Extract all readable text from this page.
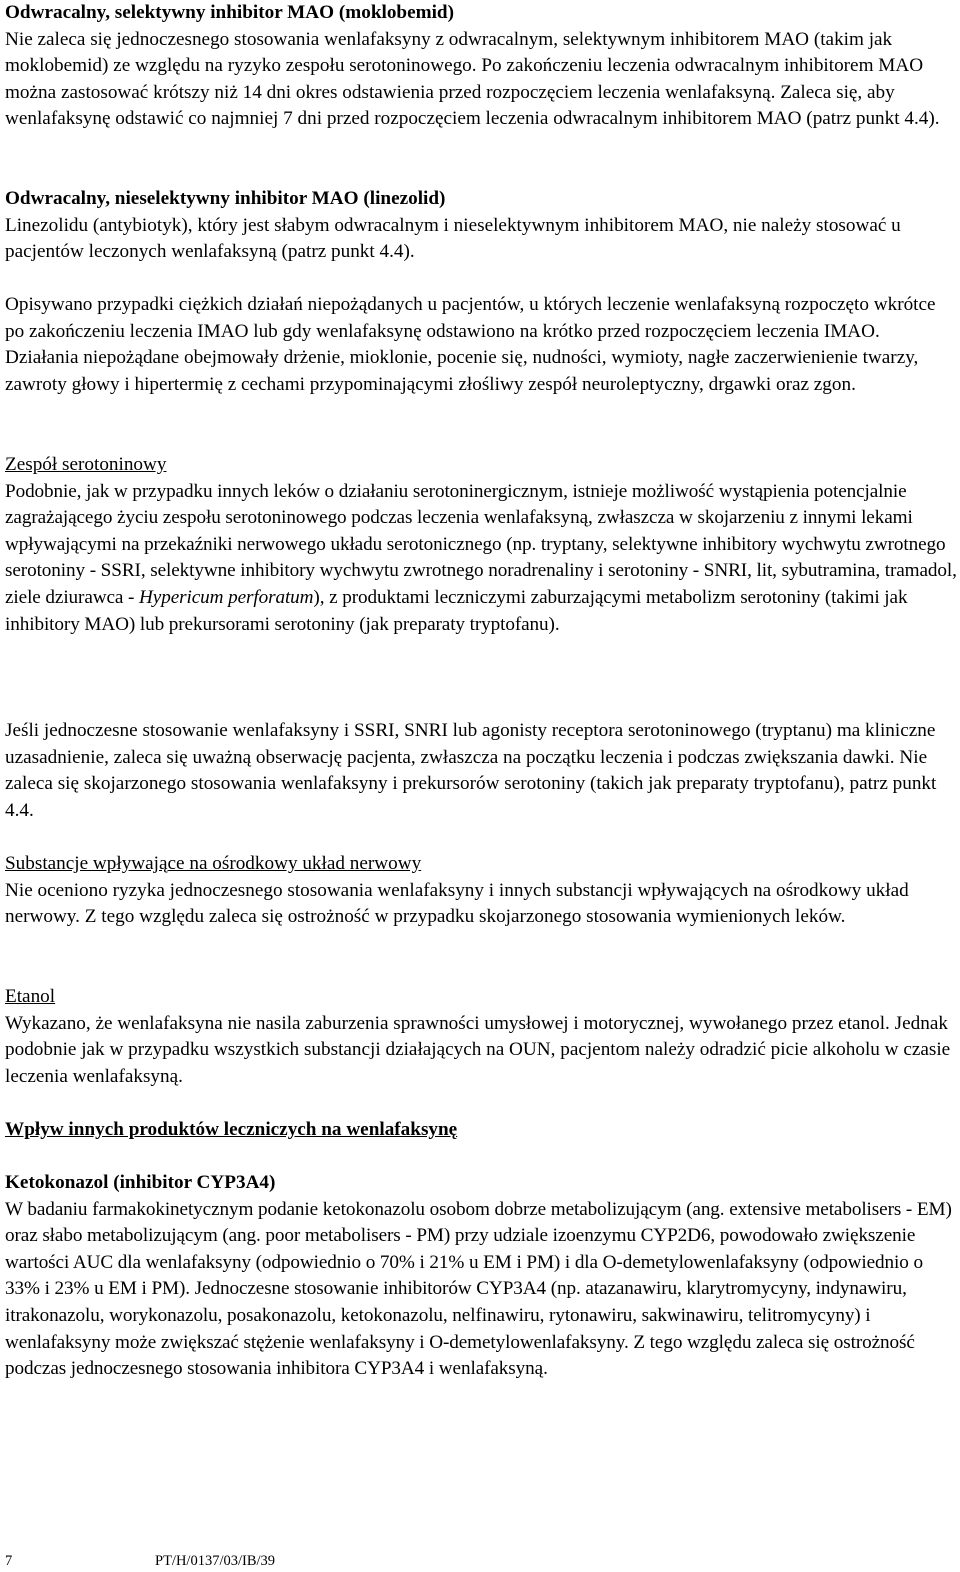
Odwracalny, selektywny inhibitor MAO (moklobemid)
Nie zaleca się jednoczesnego stosowania wenlafaksyny z odwracalnym, selektywnym inhibitorem MAO (takim jak moklobemid) ze względu na ryzyko zespołu serotoninowego. Po zakończeniu leczenia odwracalnym inhibitorem MAO można zastosować krótszy niż 14 dni okres odstawienia przed rozpoczęciem leczenia wenlafaksyną. Zaleca się, aby wenlafaksynę odstawić co najmniej 7 dni przed rozpoczęciem leczenia odwracalnym inhibitorem MAO (patrz punkt 4.4).
Odwracalny, nieselektywny inhibitor MAO (linezolid)
Linezolidu (antybiotyk), który jest słabym odwracalnym i nieselektywnym inhibitorem MAO, nie należy stosować u pacjentów leczonych wenlafaksyną (patrz punkt 4.4).
Opisywano przypadki ciężkich działań niepożądanych u pacjentów, u których leczenie wenlafaksyną rozpoczęto wkrótce po zakończeniu leczenia IMAO lub gdy wenlafaksynę odstawiono na krótko przed rozpoczęciem leczenia IMAO. Działania niepożądane obejmowały drżenie, mioklonie, pocenie się, nudności, wymioty, nagłe zaczerwienienie twarzy, zawroty głowy i hipertermię z cechami przypominającymi złośliwy zespół neuroleptyczny, drgawki oraz zgon.
Zespół serotoninowy
Podobnie, jak w przypadku innych leków o działaniu serotoninergicznym, istnieje możliwość wystąpienia potencjalnie zagrażającego życiu zespołu serotoninowego podczas leczenia wenlafaksyną, zwłaszcza w skojarzeniu z innymi lekami wpływającymi na przekaźniki nerwowego układu serotonicznego (np. tryptany, selektywne inhibitory wychwytu zwrotnego serotoniny - SSRI, selektywne inhibitory wychwytu zwrotnego noradrenaliny i serotoniny - SNRI, lit, sybutramina, tramadol, ziele dziurawca - Hypericum perforatum), z produktami leczniczymi zaburzającymi metabolizm serotoniny (takimi jak inhibitory MAO) lub prekursorami serotoniny (jak preparaty tryptofanu).
Jeśli jednoczesne stosowanie wenlafaksyny i SSRI, SNRI lub agonisty receptora serotoninowego (tryptanu) ma kliniczne uzasadnienie, zaleca się uważną obserwację pacjenta, zwłaszcza na początku leczenia i podczas zwiększania dawki. Nie zaleca się skojarzonego stosowania wenlafaksyny i prekursorów serotoniny (takich jak preparaty tryptofanu), patrz punkt 4.4.
Substancje wpływające na ośrodkowy układ nerwowy
Nie oceniono ryzyka jednoczesnego stosowania wenlafaksyny i innych substancji wpływających na ośrodkowy układ nerwowy. Z tego względu zaleca się ostrożność w przypadku skojarzonego stosowania wymienionych leków.
Etanol
Wykazano, że wenlafaksyna nie nasila zaburzenia sprawności umysłowej i motorycznej, wywołanego przez etanol. Jednak podobnie jak w przypadku wszystkich substancji działających na OUN, pacjentom należy odradzić picie alkoholu w czasie leczenia wenlafaksyną.
Wpływ innych produktów leczniczych na wenlafaksynę
Ketokonazol (inhibitor CYP3A4)
W badaniu farmakokinetycznym podanie ketokonazolu osobom dobrze metabolizującym (ang. extensive metabolisers - EM) oraz słabo metabolizującym (ang. poor metabolisers - PM) przy udziale izoenzymu CYP2D6, powodowało zwiększenie wartości AUC dla wenlafaksyny (odpowiednio o 70% i 21% u EM i PM) i dla O-demetylowenlafaksyny (odpowiednio o 33% i 23% u EM i PM). Jednoczesne stosowanie inhibitorów CYP3A4 (np. atazanawiru, klarytromycyny, indynawiru, itrakonazolu, worykonazolu, posakonazolu, ketokonazolu, nelfinawiru, rytonawiru, sakwinawiru, telitromycyny) i wenlafaksyny może zwiększać stężenie wenlafaksyny i O-demetylowenlafaksyny. Z tego względu zaleca się ostrożność podczas jednoczesnego stosowania inhibitora CYP3A4 i wenlafaksyną.
7	PT/H/0137/03/IB/39
